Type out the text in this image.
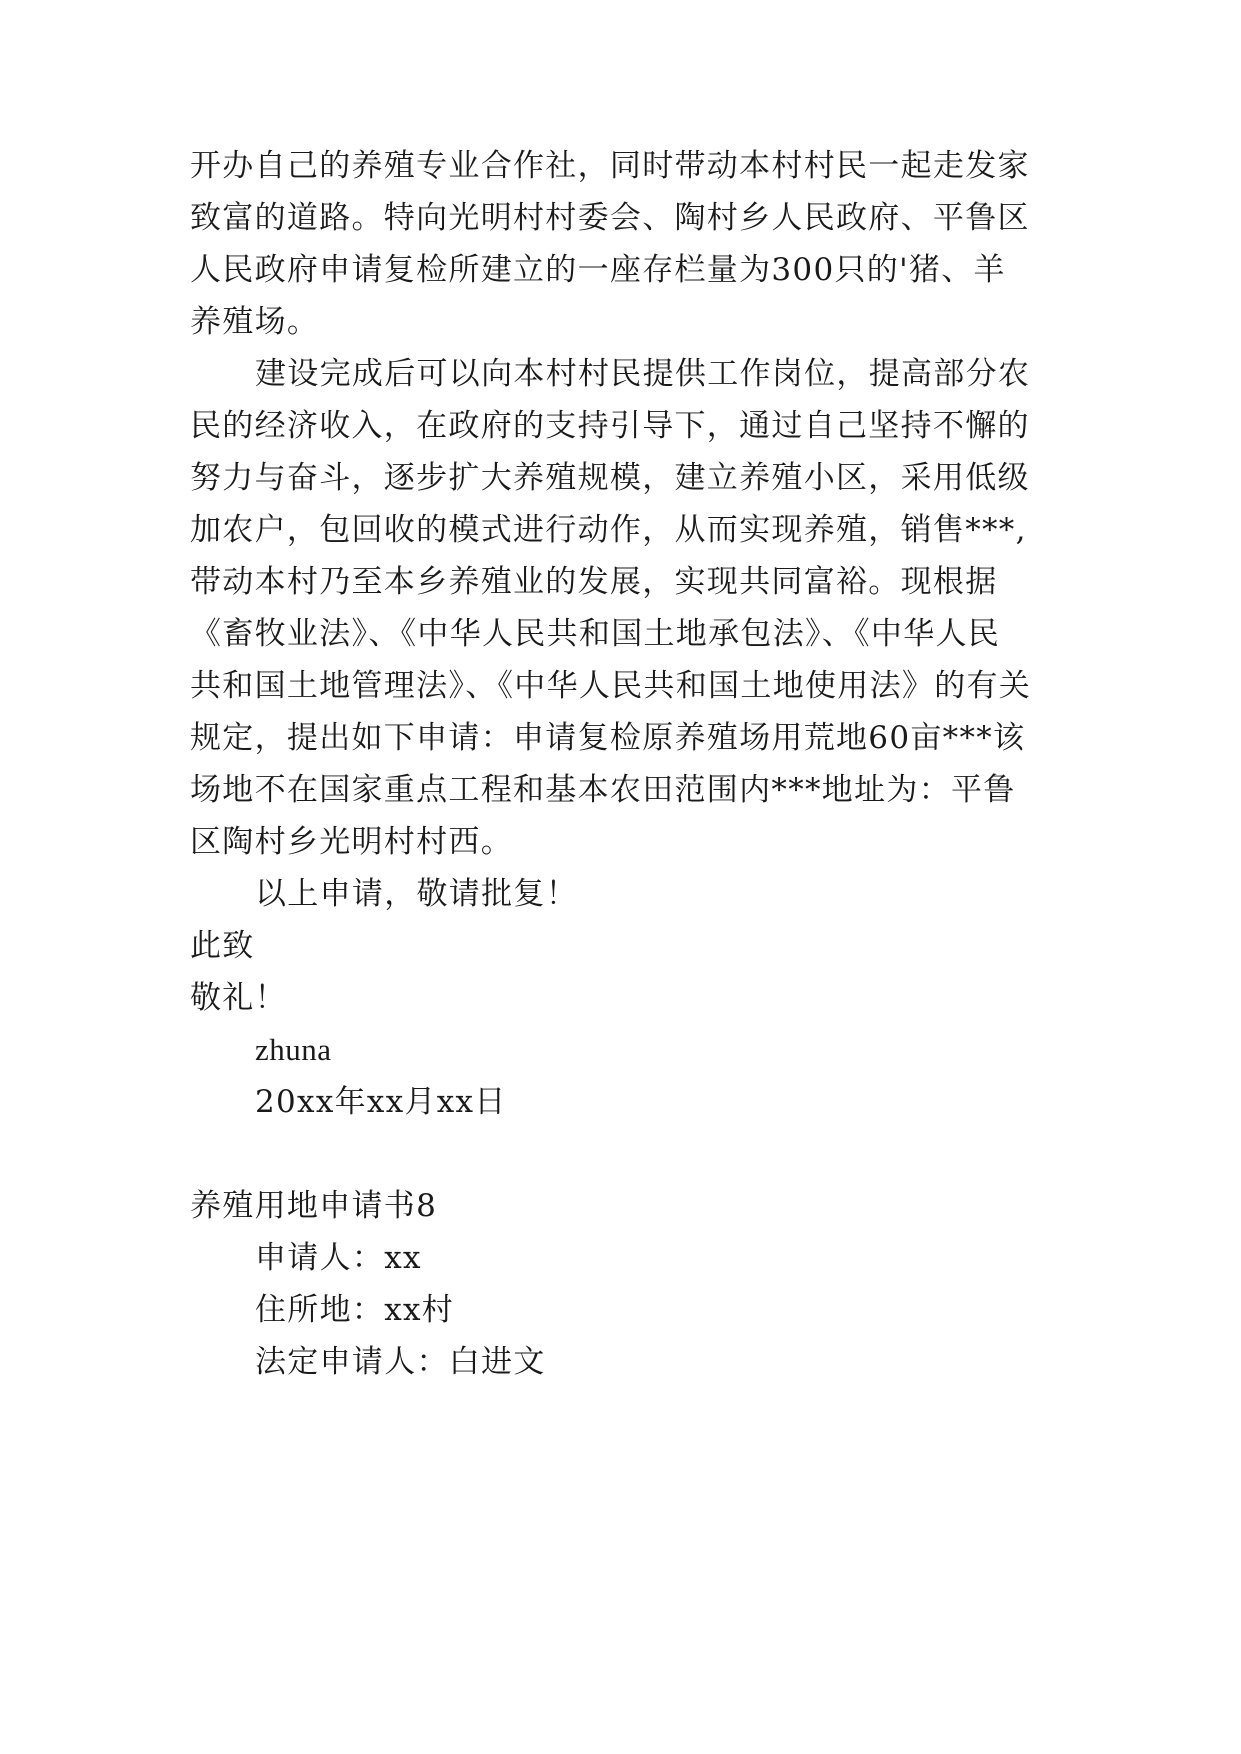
开办自己的养殖专业合作社，同时带动本村村民一起走发家
致富的道路。特向光明村村委会、陶村乡人民政府、平鲁区
人民政府申请复检所建立的一座存栏量为300只的'猪、羊
养殖场。
建设完成后可以向本村村民提供工作岗位，提高部分农
民的经济收入，在政府的支持引导下，通过自己坚持不懈的
努力与奋斗，逐步扩大养殖规模，建立养殖小区，采用低级
加农户，包回收的模式进行动作，从而实现养殖，销售***,
带动本村乃至本乡养殖业的发展，实现共同富裕。现根据
《畜牧业法》、《中华人民共和国土地承包法》、《中华人民
共和国土地管理法》、《中华人民共和国土地使用法》的有关
规定，提出如下申请：申请复检原养殖场用荒地60亩***该
场地不在国家重点工程和基本农田范围内***地址为：平鲁
区陶村乡光明村村西。
以上申请，敬请批复！
此致
敬礼！
zhuna
20xx年xx月xx日
养殖用地申请书8
申请人：xx
住所地：xx村
法定申请人：白进文
